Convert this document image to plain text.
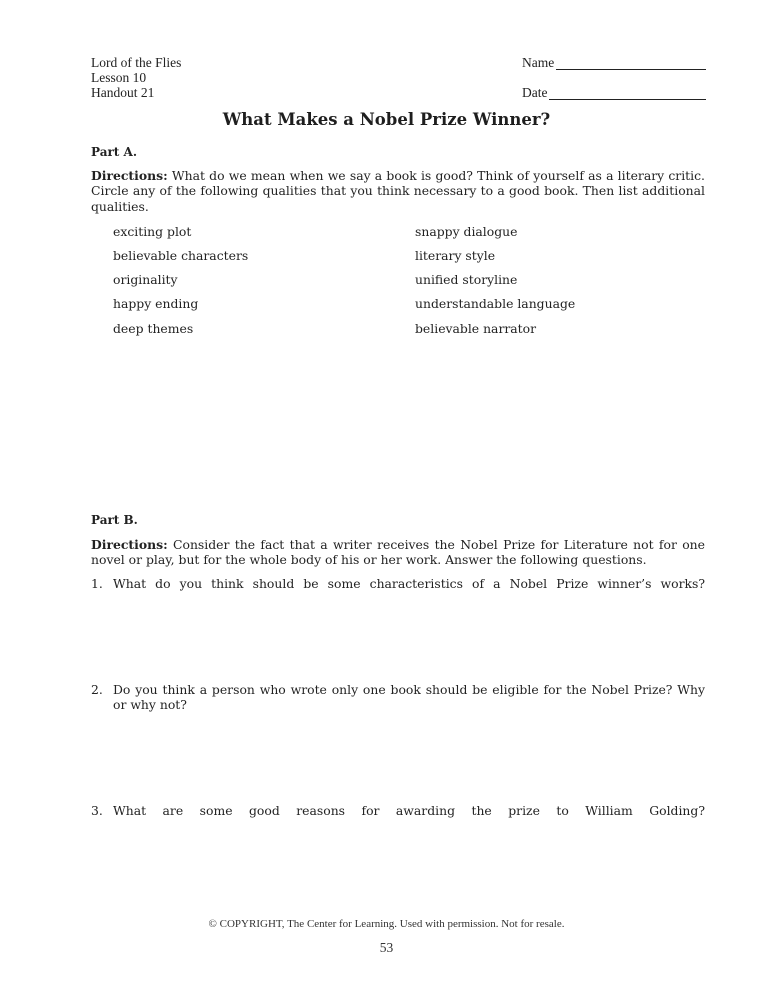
Lord of the Flies
Lesson 10
Handout 21
Name
Date
What Makes a Nobel Prize Winner?
Part A.
Directions: What do we mean when we say a book is good? Think of yourself as a literary critic. Circle any of the following qualities that you think necessary to a good book. Then list additional qualities.
exciting plot
believable characters
originality
happy ending
deep themes
snappy dialogue
literary style
unified storyline
understandable language
believable narrator
Part B.
Directions: Consider the fact that a writer receives the Nobel Prize for Literature not for one novel or play, but for the whole body of his or her work. Answer the following questions.
1. What do you think should be some characteristics of a Nobel Prize winner’s works?
2. Do you think a person who wrote only one book should be eligible for the Nobel Prize? Why or why not?
3. What are some good reasons for awarding the prize to William Golding?
© COPYRIGHT, The Center for Learning. Used with permission. Not for resale.
53
